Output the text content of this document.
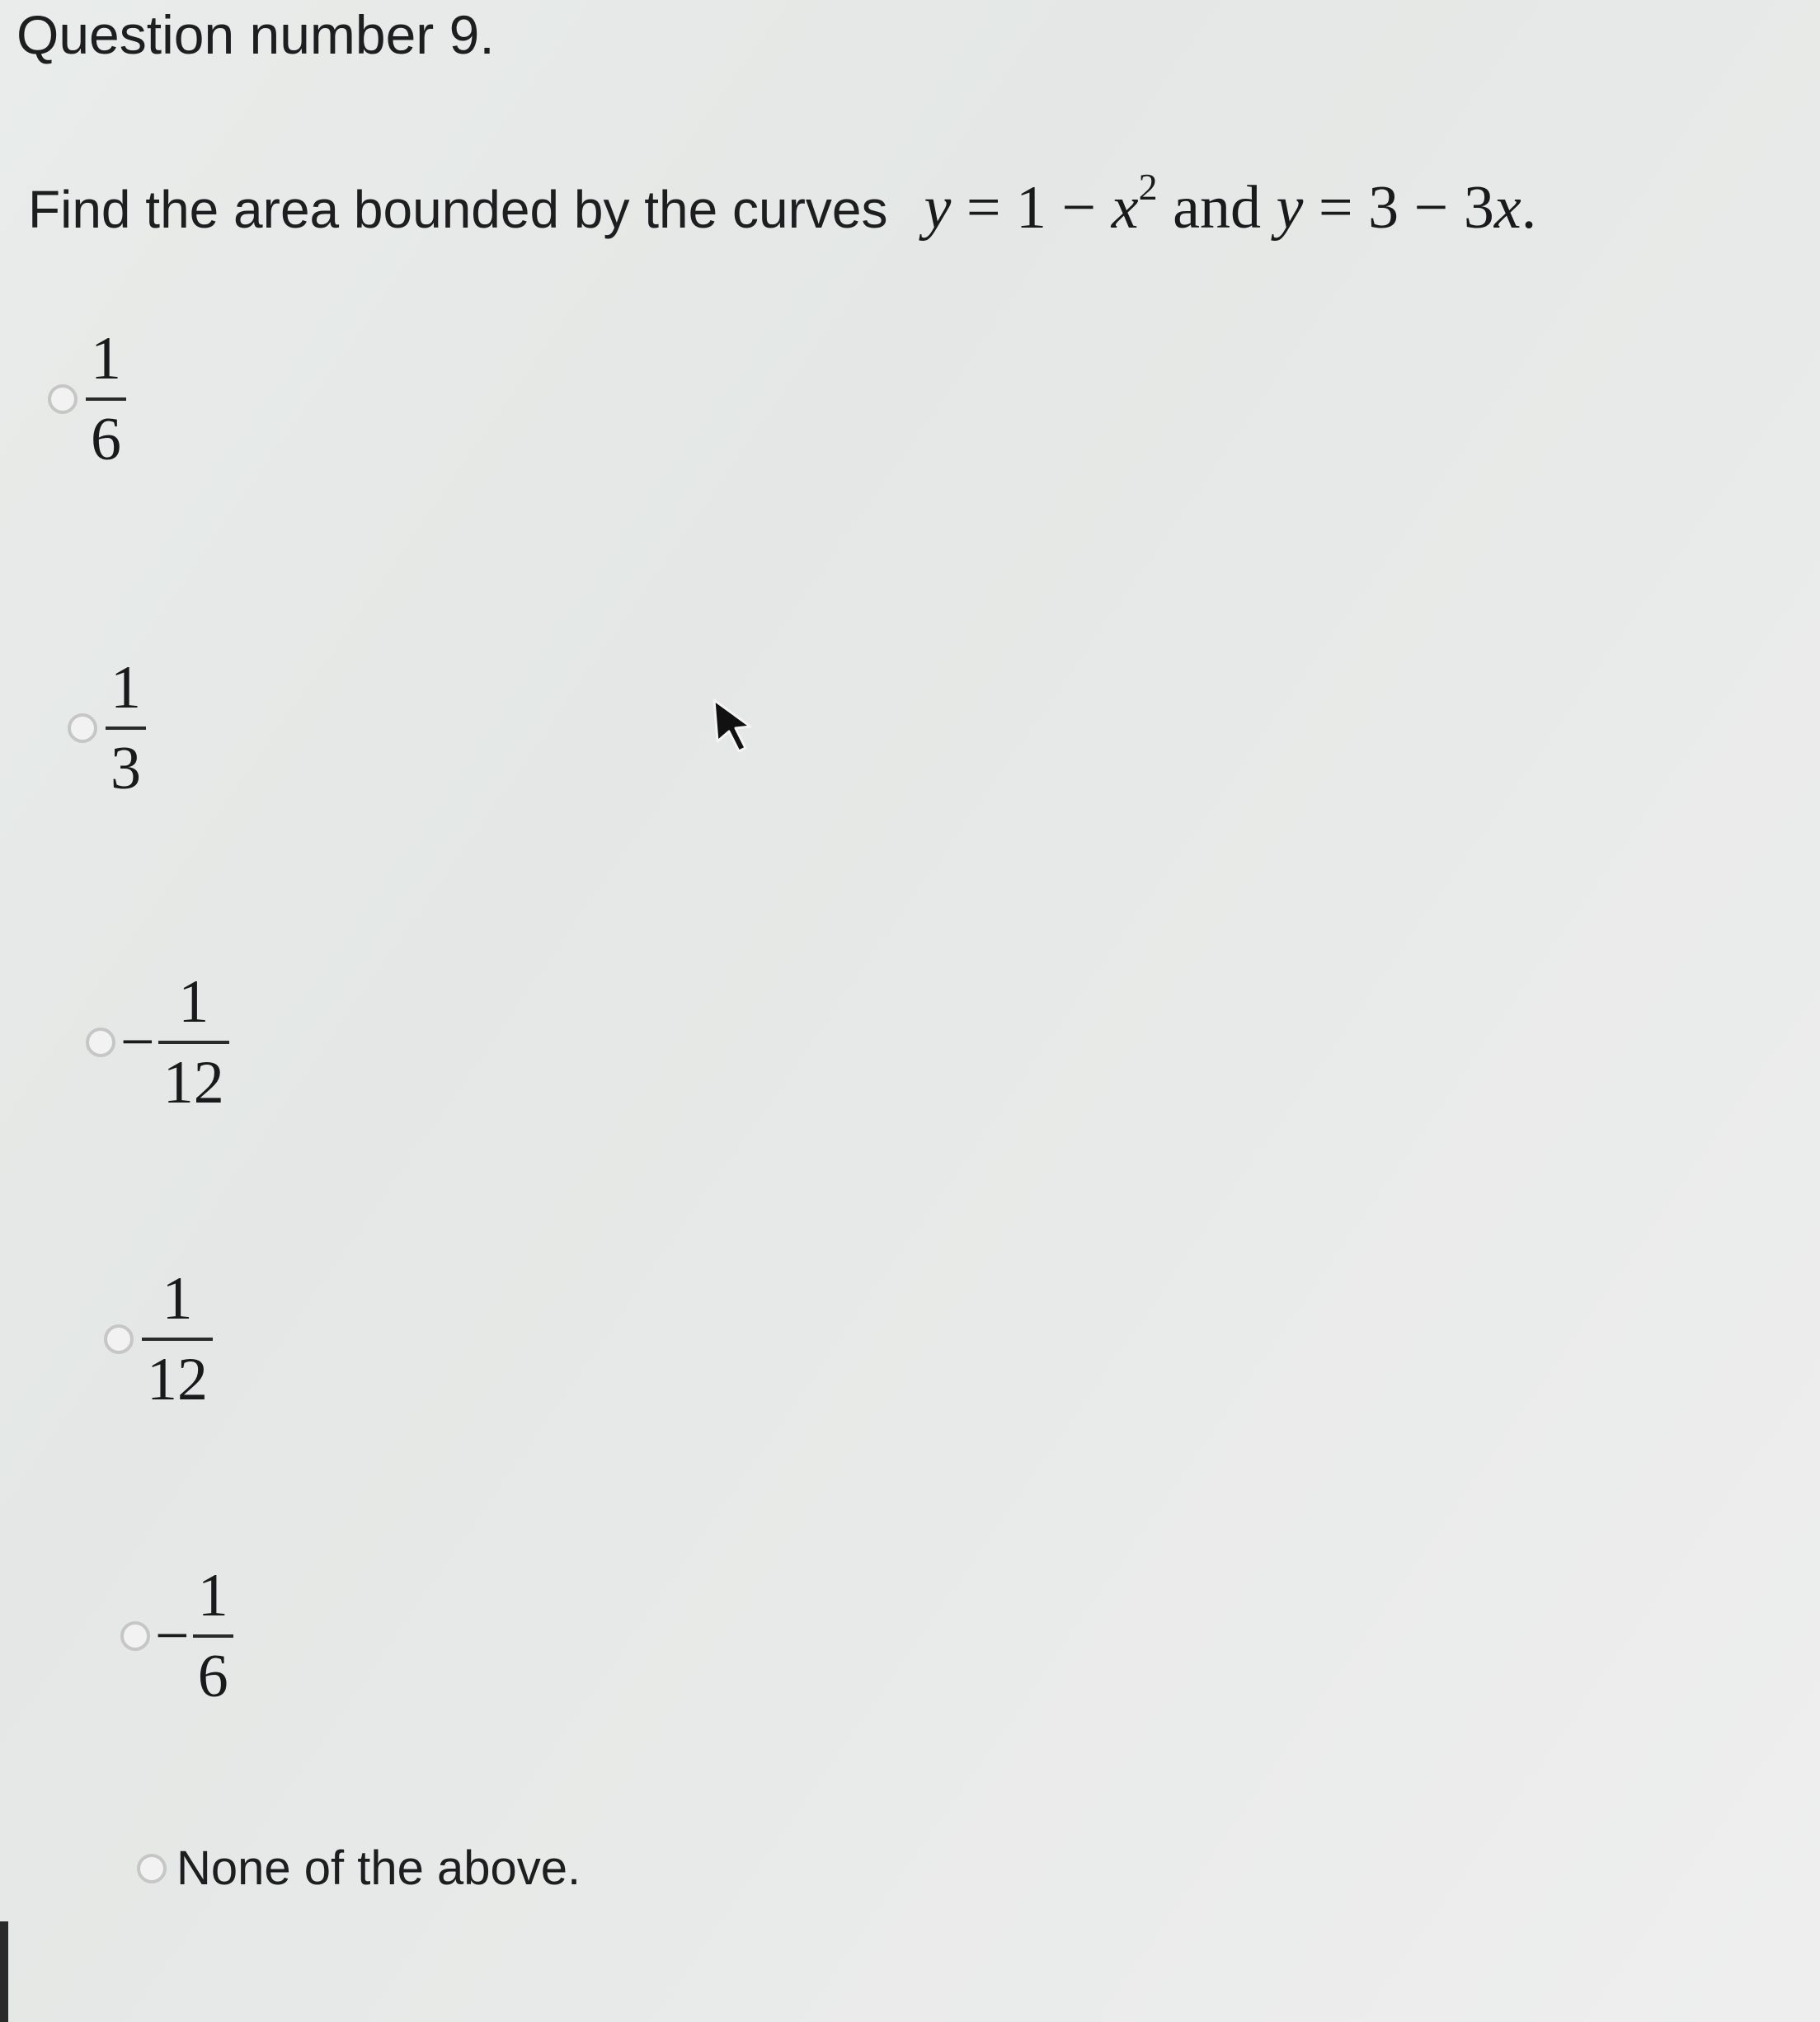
Question number 9.
Find the area bounded by the curves $y = 1 - x^2$ and y = 3 − 3x.
$\frac{1}{6}$
$\frac{1}{3}$
− $\frac{1}{12}$
$\frac{1}{12}$
− $\frac{1}{6}$
None of the above.
